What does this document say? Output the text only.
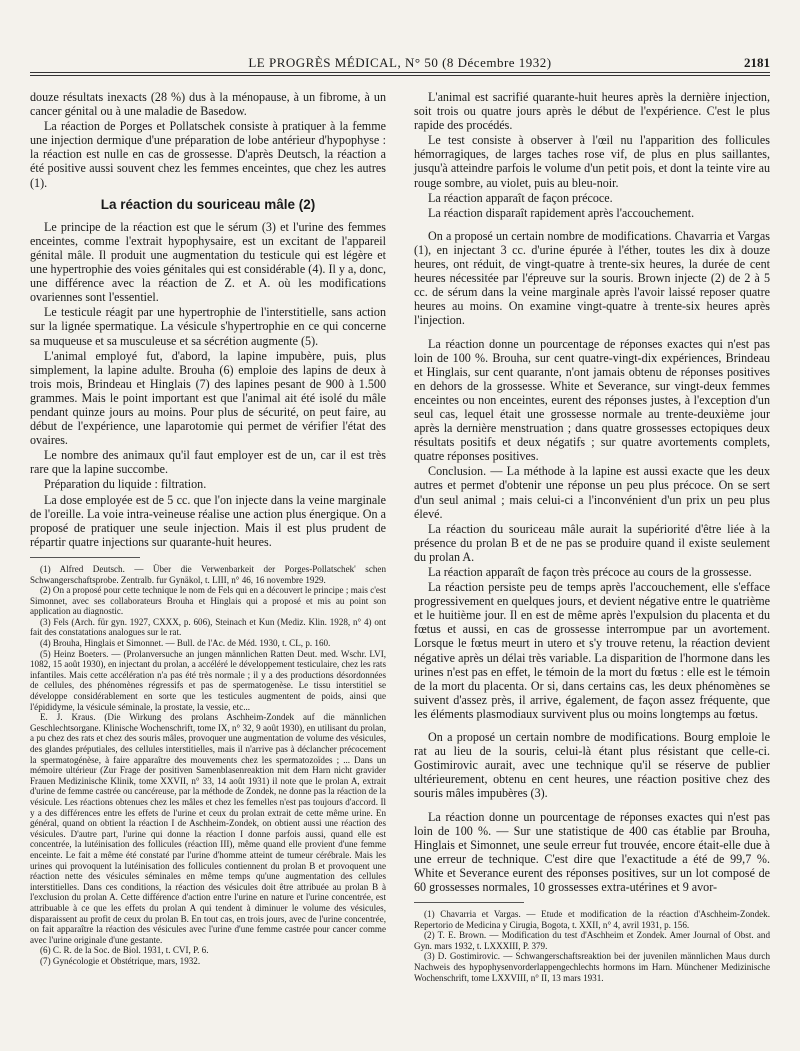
LE PROGRÈS MÉDICAL, N° 50 (8 Décembre 1932)	2181

douze résultats inexacts (28 %) dus à la ménopause, à un fibrome, à un cancer génital ou à une maladie de Basedow.

La réaction de Porges et Pollatschek consiste à pratiquer à la femme une injection dermique d'une préparation de lobe antérieur d'hypophyse : la réaction est nulle en cas de grossesse. D'après Deutsch, la réaction a été positive aussi souvent chez les femmes enceintes, que chez les autres (1).

La réaction du souriceau mâle (2)

Le principe de la réaction est que le sérum (3) et l'urine des femmes enceintes, comme l'extrait hypophysaire, est un excitant de l'appareil génital mâle. Il produit une augmentation du testicule qui est légère et une hypertrophie des voies génitales qui est considérable (4). Il y a, donc, une différence avec la réaction de Z. et A. où les modifications ovariennes sont l'essentiel.

Le testicule réagit par une hypertrophie de l'interstitielle, sans action sur la lignée spermatique. La vésicule s'hypertrophie en ce qui concerne sa muqueuse et sa musculeuse et sa sécrétion augmente (5).

L'animal employé fut, d'abord, la lapine impubère, puis, plus simplement, la lapine adulte. Brouha (6) emploie des lapins de deux à trois mois, Brindeau et Hinglais (7) des lapines pesant de 900 à 1.500 grammes. Mais le point important est que l'animal ait été isolé du mâle pendant quinze jours au moins. Pour plus de sécurité, on peut faire, au début de l'expérience, une laparotomie qui permet de vérifier l'état des ovaires.

Le nombre des animaux qu'il faut employer est de un, car il est très rare que la lapine succombe.

Préparation du liquide : filtration.

La dose employée est de 5 cc. que l'on injecte dans la veine marginale de l'oreille. La voie intra-veineuse réalise une action plus énergique. On a proposé de pratiquer une seule injection. Mais il est plus prudent de répartir quatre injections sur quarante-huit heures.

(1) Alfred Deutsch. — Über die Verwenbarkeit der Porges-Pollatschek' schen Schwangerschaftsprobe. Zentralb. fur Gynäkol, t. LIII, n° 46, 16 novembre 1929.

(2) On a proposé pour cette technique le nom de Fels qui en a découvert le principe ; mais c'est Simonnet, avec ses collaborateurs Brouha et Hinglais qui a proposé et mis au point son application au diagnostic.

(3) Fels (Arch. für gyn. 1927, CXXX, p. 606), Steinach et Kun (Mediz. Klin. 1928, n° 4) ont fait des constatations analogues sur le rat.

(4) Brouha, Hinglais et Simonnet. — Bull. de l'Ac. de Méd. 1930, t. CL, p. 160.

(5) Heinz Boeters. — (Prolanversuche an jungen männlichen Ratten Deut. med. Wschr. LVI, 1082, 15 août 1930), en injectant du prolan, a accéléré le développement testiculaire, chez les rats infantiles. Mais cette accélération n'a pas été très normale ; il y a des productions désordonnées de cellules, des phénomènes régressifs et pas de spermatogenèse. Le tissu interstitiel se développe considérablement en sorte que les testicules augmentent de poids, ainsi que l'épididyme, la vésicule séminale, la prostate, la vessie, etc...

E. J. Kraus. (Die Wirkung des prolans Aschheim-Zondek auf die männlichen Geschlechtsorgane. Klinische Wochenschrift, tome IX, n° 32, 9 août 1930), en utilisant du prolan, a pu chez des rats et chez des souris mâles, provoquer une augmentation de volume des vésicules, des glandes préputiales, des cellules interstitielles, mais il n'arrive pas à déclancher précocement la spermatogénèse, à faire apparaître des mouvements chez les spermatozoïdes ; ... Dans un mémoire ultérieur (Zur Frage der positiven Samenblasenreaktion mit dem Harn nicht gravider Frauen Medizinische Klinik, tome XXVII, n° 33, 14 août 1931) il note que le prolan A, extrait d'urine de femme castrée ou cancéreuse, par la méthode de Zondek, ne donne pas la réaction de la vésicule. Les réactions obtenues chez les mâles et chez les femelles n'est pas toujours d'accord. Il y a des différences entre les effets de l'urine et ceux du prolan extrait de cette même urine. En général, quand on obtient la réaction I de Aschheim-Zondek, on obtient aussi une réaction des vésicules. D'autre part, l'urine qui donne la réaction I donne parfois aussi, quand elle est concentrée, la lutéinisation des follicules (réaction III), même quand elle provient d'une femme enceinte. Le fait a même été constaté par l'urine d'homme atteint de tumeur cérébrale. Mais les urines qui provoquent la lutéinisation des follicules contiennent du prolan B et provoquent une réaction nette des vésicules séminales en même temps qu'une augmentation des cellules interstitielles. Dans ces conditions, la réaction des vésicules doit être attribuée au prolan B à l'exclusion du prolan A. Cette différence d'action entre l'urine en nature et l'urine concentrée, est attribuable à ce que les effets du prolan A qui tendent à diminuer le volume des vésicules, disparaissent au profit de ceux du prolan B. En tout cas, en trois jours, avec de l'urine concentrée, on fait apparaître la réaction des vésicules avec l'urine d'une femme castrée pour cancer comme avec l'urine originale d'une gestante.

(6) C. R. de la Soc. de Biol. 1931, t. CVI, P. 6.

(7) Gynécologie et Obstétrique, mars, 1932.

L'animal est sacrifié quarante-huit heures après la dernière injection, soit trois ou quatre jours après le début de l'expérience. C'est le plus rapide des procédés.

Le test consiste à observer à l'œil nu l'apparition des follicules hémorragiques, de larges taches rose vif, de plus en plus saillantes, jusqu'à atteindre parfois le volume d'un petit pois, et dont la teinte vire au rouge sombre, au violet, puis au bleu-noir.

La réaction apparaît de façon précoce.

La réaction disparaît rapidement après l'accouchement.

On a proposé un certain nombre de modifications. Chavarria et Vargas (1), en injectant 3 cc. d'urine épurée à l'éther, toutes les dix à douze heures, ont réduit, de vingt-quatre à trente-six heures, la durée de cent heures nécessitée par l'épreuve sur la souris. Brown injecte (2) de 2 à 5 cc. de sérum dans la veine marginale après l'avoir laissé reposer quatre heures au moins. On examine vingt-quatre à trente-six heures après l'injection.

La réaction donne un pourcentage de réponses exactes qui n'est pas loin de 100 %. Brouha, sur cent quatre-vingt-dix expériences, Brindeau et Hinglais, sur cent quarante, n'ont jamais obtenu de réponses positives en dehors de la grossesse. White et Severance, sur vingt-deux femmes enceintes ou non enceintes, eurent des réponses justes, à l'exception d'un seul cas, lequel était une grossesse normale au trente-deuxième jour après la dernière menstruation ; dans quatre grossesses ectopiques deux résultats positifs et deux négatifs ; sur quatre avortements complets, quatre réponses positives.

Conclusion. — La méthode à la lapine est aussi exacte que les deux autres et permet d'obtenir une réponse un peu plus précoce. On se sert d'un seul animal ; mais celui-ci a l'inconvénient d'un prix un peu plus élevé.

La réaction du souriceau mâle aurait la supériorité d'être liée à la présence du prolan B et de ne pas se produire quand il existe seulement du prolan A.

La réaction apparaît de façon très précoce au cours de la grossesse.

La réaction persiste peu de temps après l'accouchement, elle s'efface progressivement en quelques jours, et devient négative entre le quatrième et le huitième jour. Il en est de même après l'expulsion du placenta et du fœtus et aussi, en cas de grossesse interrompue par un avortement. Lorsque le fœtus meurt in utero et s'y trouve retenu, la réaction devient négative après un délai très variable. La disparition de l'hormone dans les urines n'est pas en effet, le témoin de la mort du fœtus : elle est le témoin de la mort du placenta. Or si, dans certains cas, les deux phénomènes se suivent d'assez près, il arrive, également, de façon assez fréquente, que les éléments plasmodiaux survivent plus ou moins longtemps au fœtus.

On a proposé un certain nombre de modifications. Bourg emploie le rat au lieu de la souris, celui-là étant plus résistant que celle-ci. Gostimirovic aurait, avec une technique qu'il se réserve de publier ultérieurement, obtenu en cent heures, une réaction positive chez des souris mâles impubères (3).

La réaction donne un pourcentage de réponses exactes qui n'est pas loin de 100 %. — Sur une statistique de 400 cas établie par Brouha, Hinglais et Simonnet, une seule erreur fut trouvée, encore était-elle due à une erreur de technique. C'est dire que l'exactitude a été de 99,7 %. White et Severance eurent des réponses positives, sur un lot composé de 60 grossesses normales, 10 grossesses extra-utérines et 9 avor-

(1) Chavarria et Vargas. — Etude et modification de la réaction d'Aschheim-Zondek. Repertorio de Medicina y Cirugia, Bogota, t. XXII, n° 4, avril 1931, p. 156.

(2) T. E. Brown. — Modification du test d'Aschheim et Zondek. Amer Journal of Obst. and Gyn. mars 1932, t. LXXXIII, P. 379.

(3) D. Gostimirovic. — Schwangerschaftsreaktion bei der juvenilen männlichen Maus durch Nachweis des hypophysenvorderlappengechlechts hormons im Harn. Münchener Medizinische Wochenschrift, tome LXXVIII, n° II, 13 mars 1931.
